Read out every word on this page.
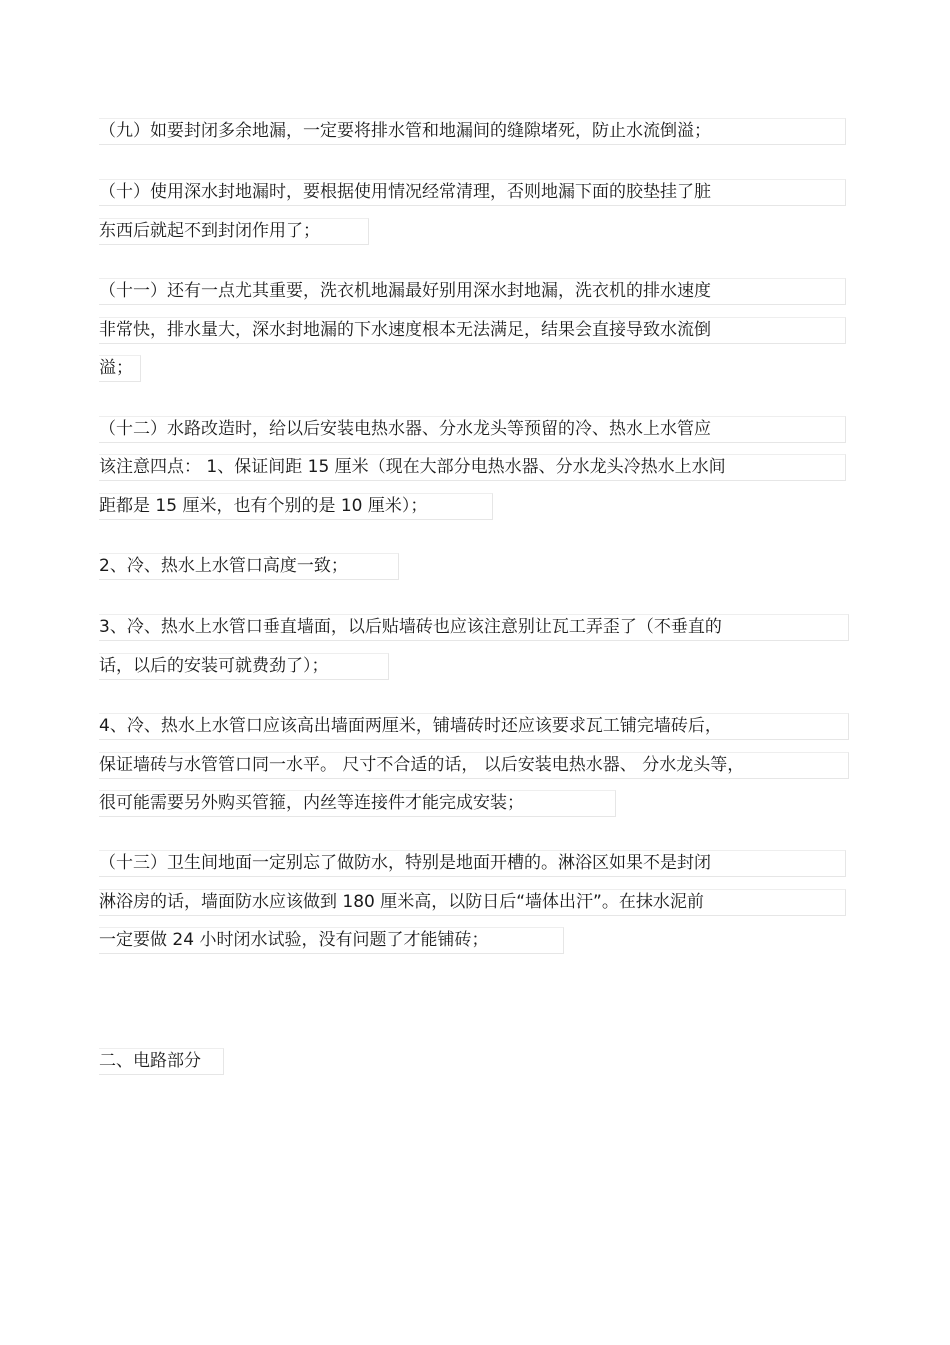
（九）如要封闭多余地漏，一定要将排水管和地漏间的缝隙堵死，防止水流倒溢；
（十）使用深水封地漏时，要根据使用情况经常清理，否则地漏下面的胶垫挂了脏
东西后就起不到封闭作用了；
（十一）还有一点尤其重要，洗衣机地漏最好别用深水封地漏，洗衣机的排水速度
非常快，排水量大，深水封地漏的下水速度根本无法满足，结果会直接导致水流倒
溢；
（十二）水路改造时，给以后安装电热水器、分水龙头等预留的冷、热水上水管应
该注意四点： 1、保证间距 15 厘米（现在大部分电热水器、分水龙头冷热水上水间
距都是 15 厘米，也有个别的是 10 厘米）；
2、冷、热水上水管口高度一致；
3、冷、热水上水管口垂直墙面，以后贴墙砖也应该注意别让瓦工弄歪了（不垂直的
话，以后的安装可就费劲了）；
4、冷、热水上水管口应该高出墙面两厘米，铺墙砖时还应该要求瓦工铺完墙砖后，
保证墙砖与水管管口同一水平。 尺寸不合适的话， 以后安装电热水器、 分水龙头等，
很可能需要另外购买管箍，内丝等连接件才能完成安装；
（十三）卫生间地面一定别忘了做防水，特别是地面开槽的。淋浴区如果不是封闭
淋浴房的话，墙面防水应该做到 180 厘米高，以防日后“墙体出汗”。在抹水泥前
一定要做 24 小时闭水试验，没有问题了才能铺砖；
二、电路部分
